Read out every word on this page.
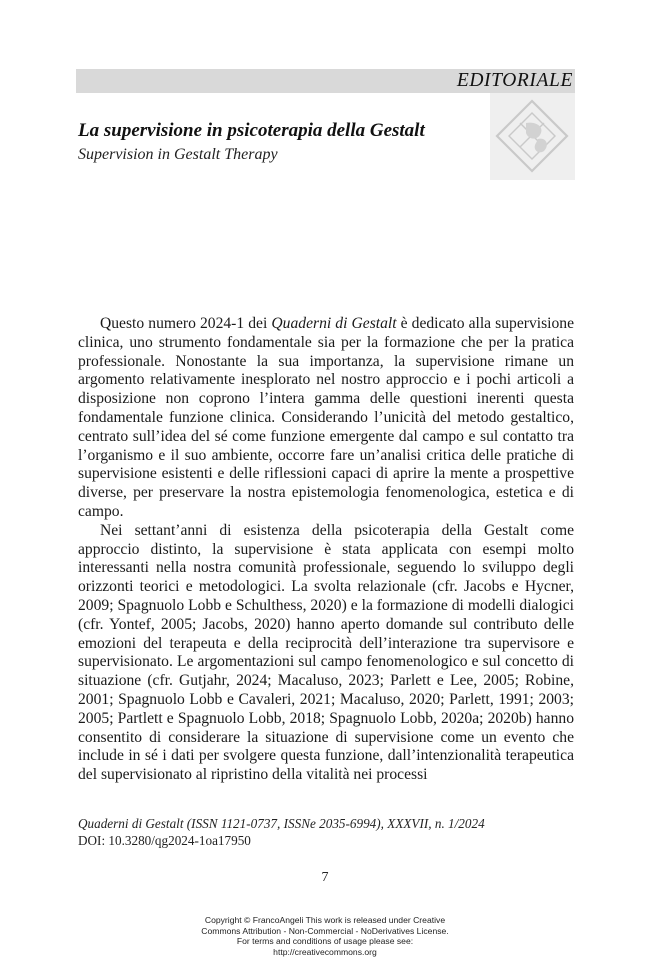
EDITORIALE
La supervisione in psicoterapia della Gestalt
Supervision in Gestalt Therapy

Questo numero 2024-1 dei Quaderni di Gestalt è dedicato alla supervisione clinica, uno strumento fondamentale sia per la formazione che per la pratica professionale. Nonostante la sua importanza, la supervisione rimane un argomento relativamente inesplorato nel nostro approccio e i pochi articoli a disposizione non coprono l’intera gamma delle questioni inerenti questa fondamentale funzione clinica. Considerando l’unicità del metodo gestaltico, centrato sull’idea del sé come funzione emergente dal campo e sul contatto tra l’organismo e il suo ambiente, occorre fare un’analisi critica delle pratiche di supervisione esistenti e delle riflessioni capaci di aprire la mente a prospettive diverse, per preservare la nostra epistemologia fenomenologica, estetica e di campo.

Nei settant’anni di esistenza della psicoterapia della Gestalt come approccio distinto, la supervisione è stata applicata con esempi molto interessanti nella nostra comunità professionale, seguendo lo sviluppo degli orizzonti teorici e metodologici. La svolta relazionale (cfr. Jacobs e Hycner, 2009; Spagnuolo Lobb e Schulthess, 2020) e la formazione di modelli dialogici (cfr. Yontef, 2005; Jacobs, 2020) hanno aperto domande sul contributo delle emozioni del terapeuta e della reciprocità dell’interazione tra supervisore e supervisionato. Le argomentazioni sul campo fenomenologico e sul concetto di situazione (cfr. Gutjahr, 2024; Macaluso, 2023; Parlett e Lee, 2005; Robine, 2001; Spagnuolo Lobb e Cavaleri, 2021; Macaluso, 2020; Parlett, 1991; 2003; 2005; Partlett e Spagnuolo Lobb, 2018; Spagnuolo Lobb, 2020a; 2020b) hanno consentito di considerare la situazione di supervisione come un evento che include in sé i dati per svolgere questa funzione, dall’intenzionalità terapeutica del supervisionato al ripristino della vitalità nei processi

Quaderni di Gestalt (ISSN 1121-0737, ISSNe 2035-6994), XXXVII, n. 1/2024
DOI: 10.3280/qg2024-1oa17950
7
Copyright © FrancoAngeli This work is released under Creative
Commons Attribution - Non-Commercial - NoDerivatives License.
For terms and conditions of usage please see:
http://creativecommons.org
